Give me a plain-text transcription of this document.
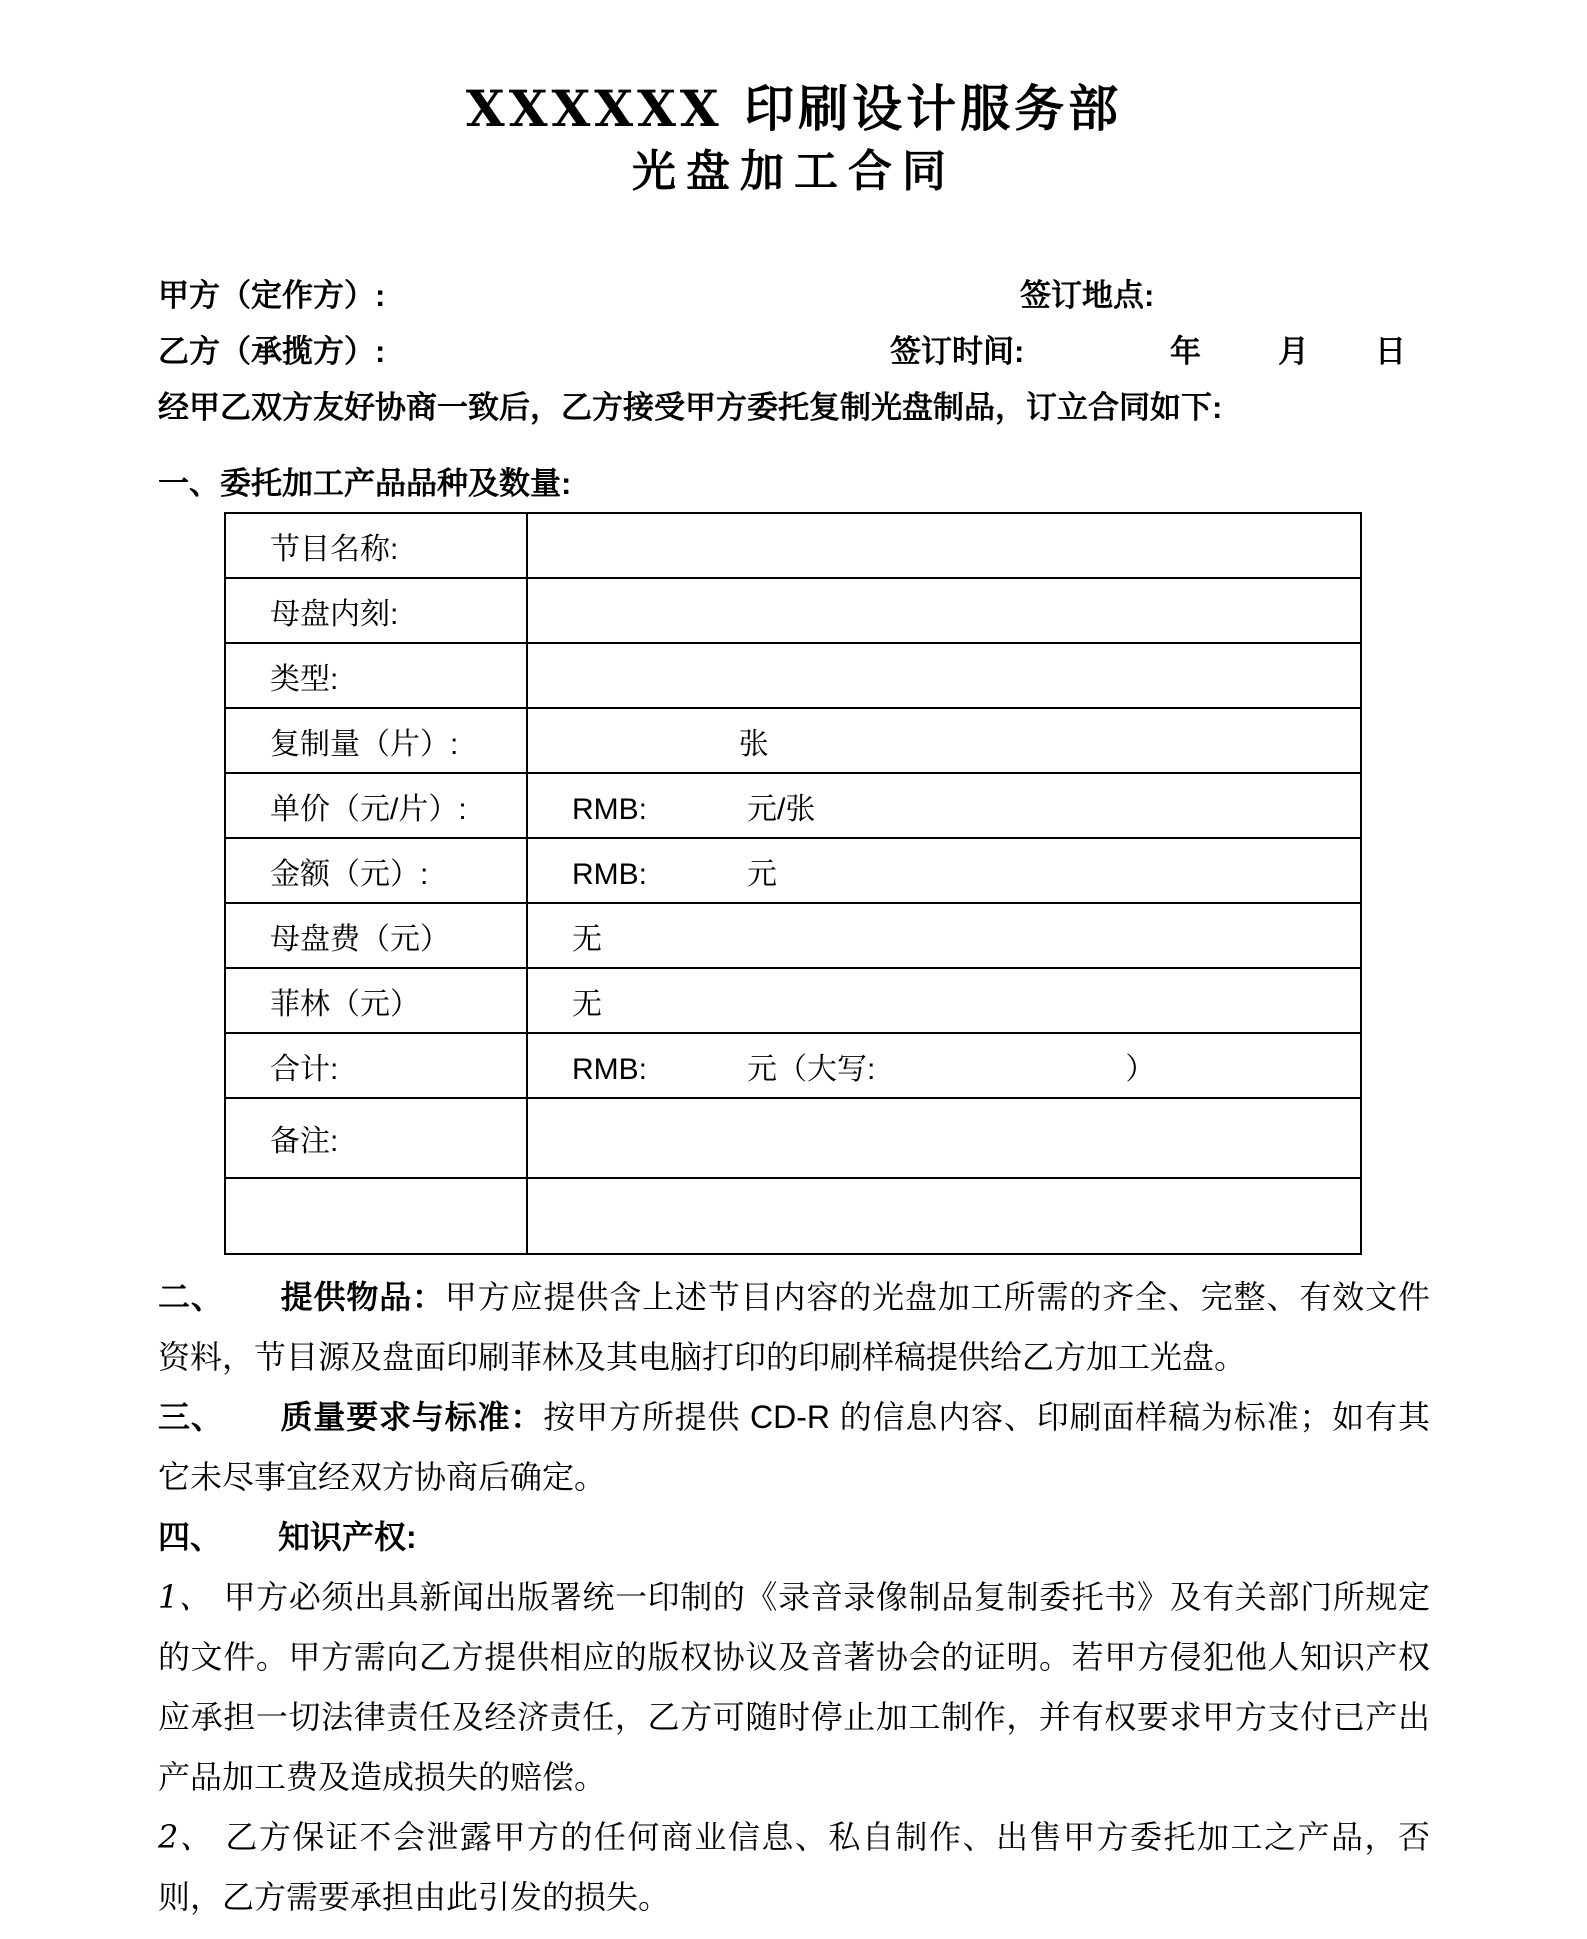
XXXXXX 印刷设计服务部
光盘加工合同

甲方（定作方）:

	签订地点:

乙方（承揽方）:

	签订时间:

	年

月

日

经甲乙双方友好协商一致后，乙方接受甲方委托复制光盘制品，订立合同如下:
一、委托加工产品品种及数量:
节目名称:	
母盘内刻:	
类型:	
复制量（片）:	张
单价（元/片）:	RMB:            元/张
金额（元）:	RMB:            元
母盘费（元）	无
菲林（元）	无
合计:	RMB:            元（大写:                              ）
备注:	

二、 提供物品：甲方应提供含上述节目内容的光盘加工所需的齐全、完整、有效文件资料，节目源及盘面印刷菲林及其电脑打印的印刷样稿提供给乙方加工光盘。

三、 质量要求与标准：按甲方所提供 CD-R 的信息内容、印刷面样稿为标准；如有其它未尽事宜经双方协商后确定。

四、 知识产权:

1、 甲方必须出具新闻出版署统一印制的《录音录像制品复制委托书》及有关部门所规定的文件。甲方需向乙方提供相应的版权协议及音著协会的证明。若甲方侵犯他人知识产权应承担一切法律责任及经济责任，乙方可随时停止加工制作，并有权要求甲方支付已产出产品加工费及造成损失的赔偿。

2、 乙方保证不会泄露甲方的任何商业信息、私自制作、出售甲方委托加工之产品，否则，乙方需要承担由此引发的损失。
